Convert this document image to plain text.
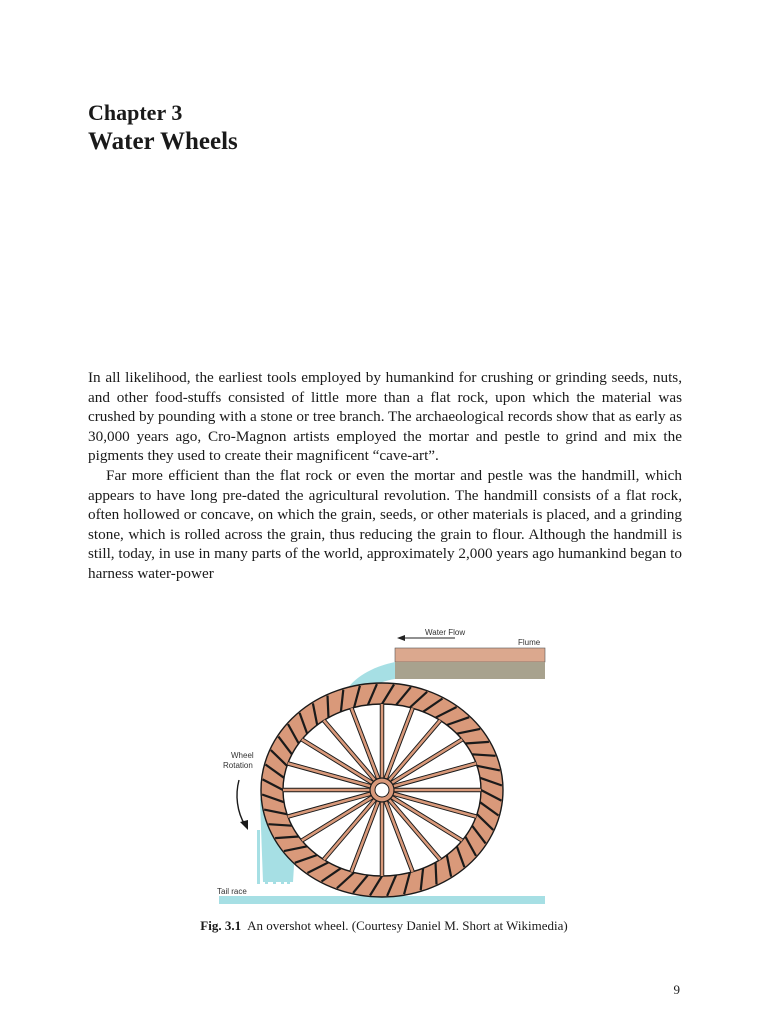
Chapter 3
Water Wheels

In all likelihood, the earliest tools employed by humankind for crushing or grinding seeds, nuts, and other food-stuffs consisted of little more than a flat rock, upon which the material was crushed by pounding with a stone or tree branch. The archaeological records show that as early as 30,000 years ago, Cro-Magnon artists employed the mortar and pestle to grind and mix the pigments they used to create their magnificent “cave-art”.

Far more efficient than the flat rock or even the mortar and pestle was the handmill, which appears to have long pre-dated the agricultural revolution. The handmill consists of a flat rock, often hollowed or concave, on which the grain, seeds, or other materials is placed, and a grinding stone, which is rolled across the grain, thus reducing the grain to flour. Although the handmill is still, today, in use in many parts of the world, approximately 2,000 years ago humankind began to harness water-power

Water Flow
Flume
Tail race
Wheel
Rotation
Fig. 3.1 An overshot wheel. (Courtesy Daniel M. Short at Wikimedia)
9
